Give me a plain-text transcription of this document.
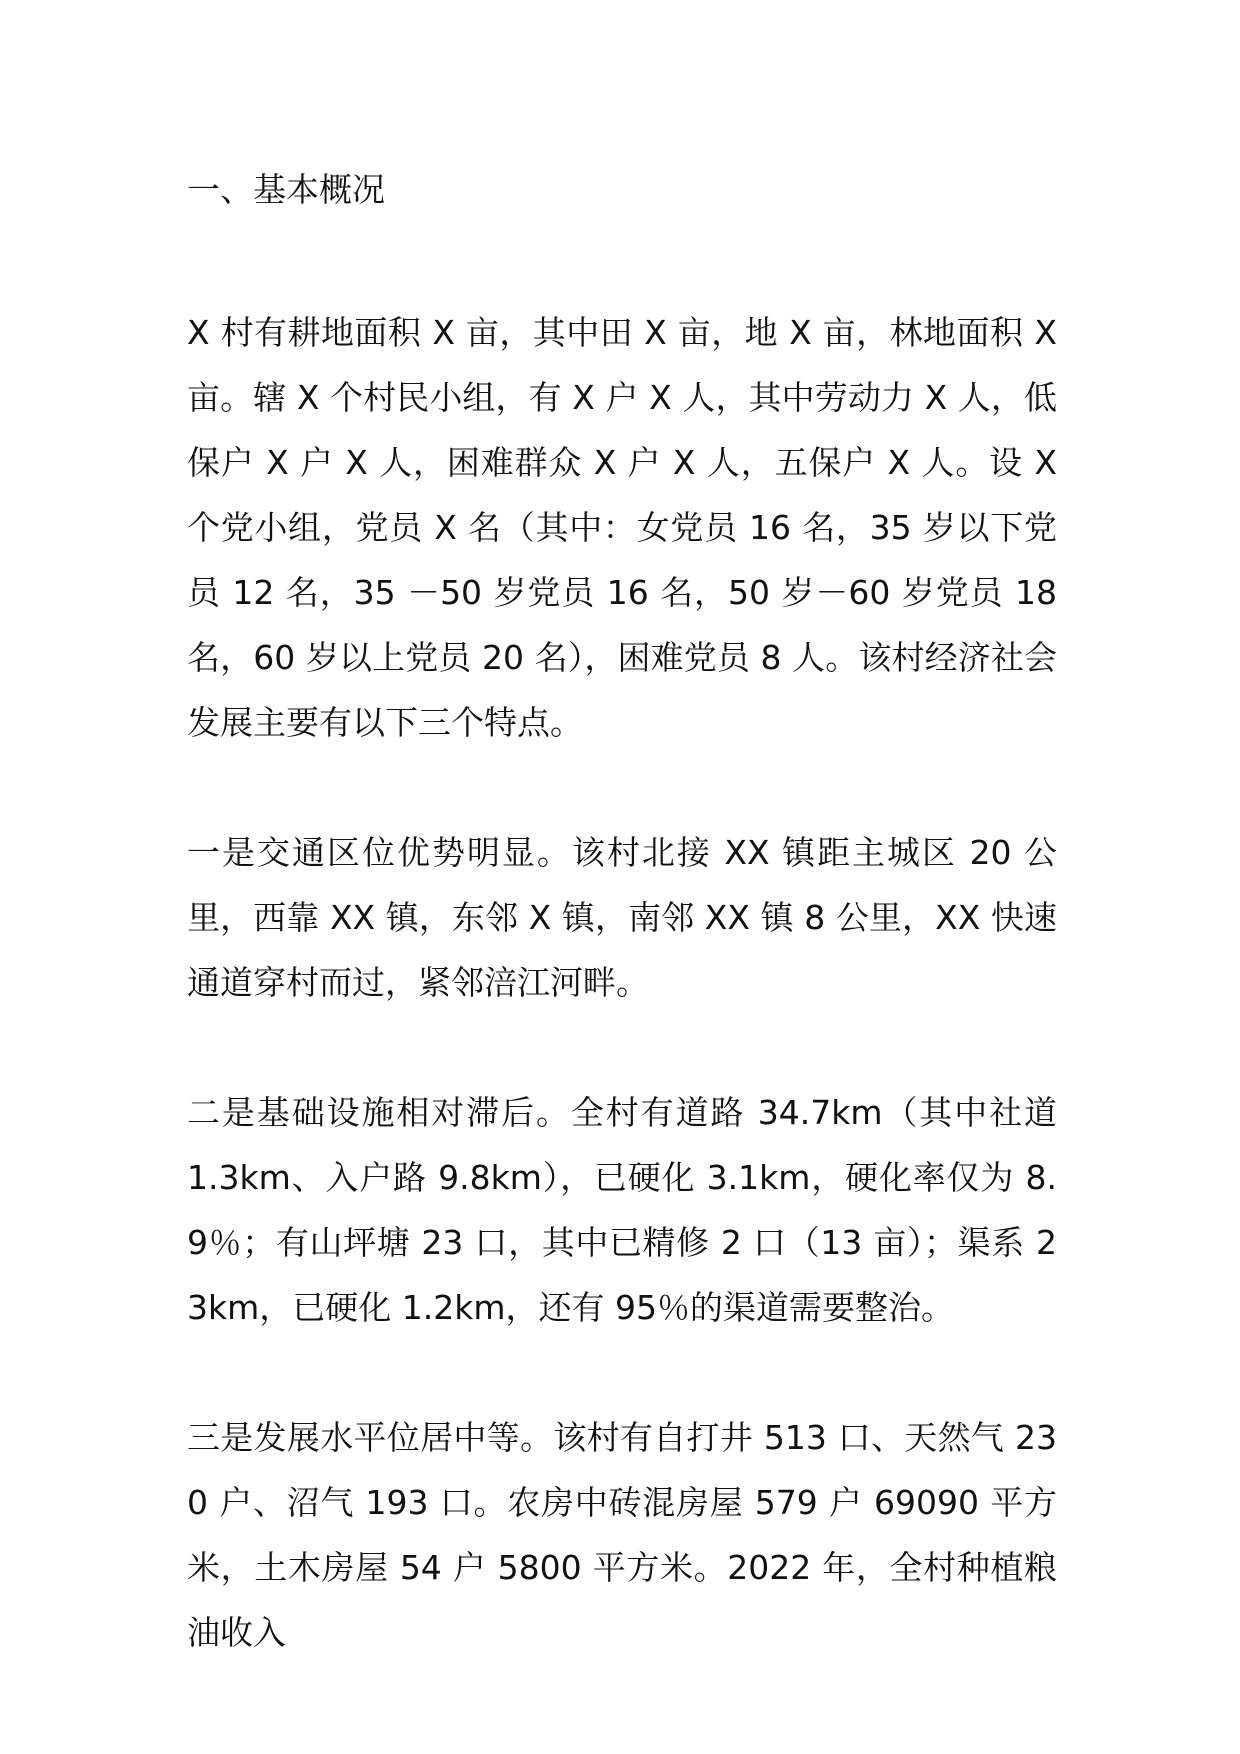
一、基本概况

X 村有耕地面积 X 亩，其中田 X 亩，地 X 亩，林地面积 X 亩。辖 X 个村民小组，有 X 户 X 人，其中劳动力 X 人，低保户 X 户 X 人，困难群众 X 户 X 人，五保户 X 人。设 X 个党小组，党员 X 名（其中：女党员 16 名，35 岁以下党员 12 名，35 －50 岁党员 16 名，50 岁－60 岁党员 18 名，60 岁以上党员 20 名），困难党员 8 人。该村经济社会发展主要有以下三个特点。

一是交通区位优势明显。该村北接 XX 镇距主城区 20 公里，西靠 XX 镇，东邻 X 镇，南邻 XX 镇 8 公里，XX 快速通道穿村而过，紧邻涪江河畔。

二是基础设施相对滞后。全村有道路 34.7km（其中社道 1.3km、入户路 9.8km），已硬化 3.1km，硬化率仅为 8.9％；有山坪塘 23 口，其中已精修 2 口（13 亩）；渠系 23km，已硬化 1.2km，还有 95％的渠道需要整治。

三是发展水平位居中等。该村有自打井 513 口、天然气 230 户、沼气 193 口。农房中砖混房屋 579 户 69090 平方米，土木房屋 54 户 5800 平方米。2022 年，全村种植粮油收入
